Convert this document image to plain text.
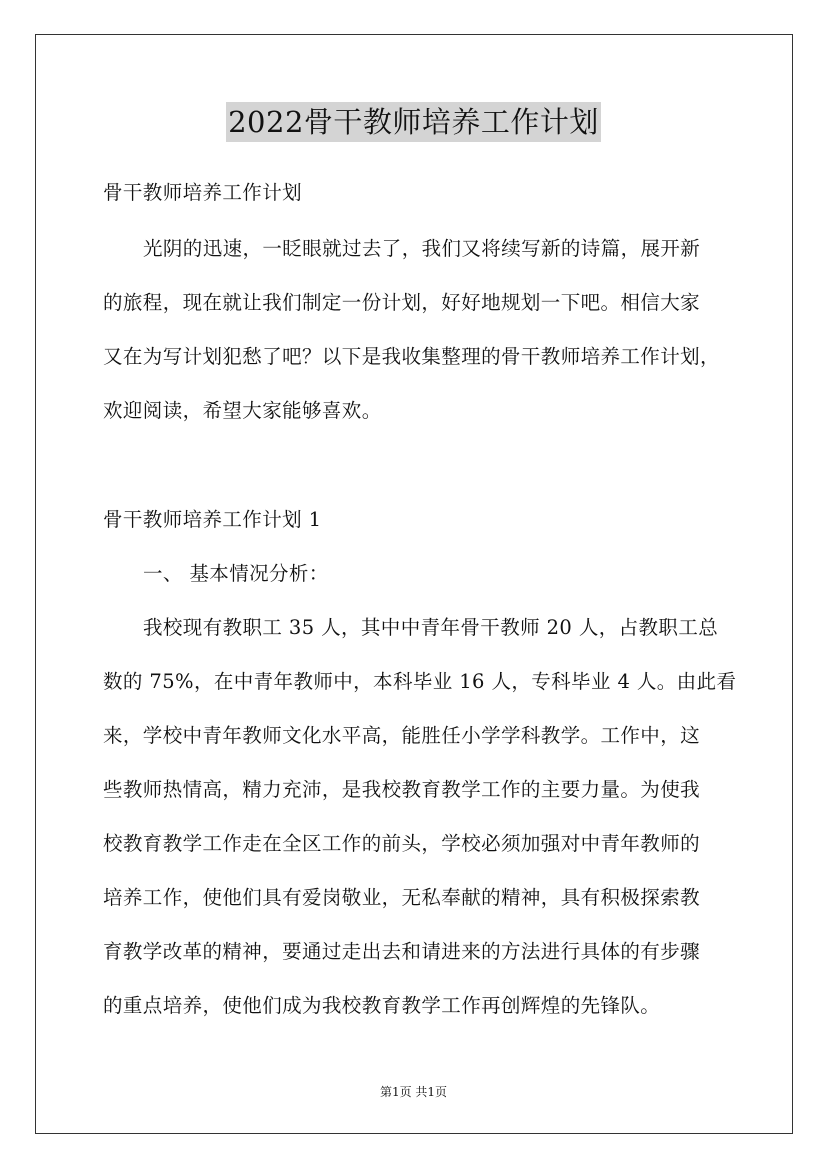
2022骨干教师培养工作计划
骨干教师培养工作计划
光阴的迅速，一眨眼就过去了，我们又将续写新的诗篇，展开新
的旅程，现在就让我们制定一份计划，好好地规划一下吧。相信大家
又在为写计划犯愁了吧？以下是我收集整理的骨干教师培养工作计划，
欢迎阅读，希望大家能够喜欢。
骨干教师培养工作计划 1
一、 基本情况分析：
我校现有教职工 35 人，其中中青年骨干教师 20 人，占教职工总
数的 75%，在中青年教师中，本科毕业 16 人，专科毕业 4 人。由此看
来，学校中青年教师文化水平高，能胜任小学学科教学。工作中，这
些教师热情高，精力充沛，是我校教育教学工作的主要力量。为使我
校教育教学工作走在全区工作的前头，学校必须加强对中青年教师的
培养工作，使他们具有爱岗敬业，无私奉献的精神，具有积极探索教
育教学改革的精神，要通过走出去和请进来的方法进行具体的有步骤
的重点培养，使他们成为我校教育教学工作再创辉煌的先锋队。
第1页 共1页
